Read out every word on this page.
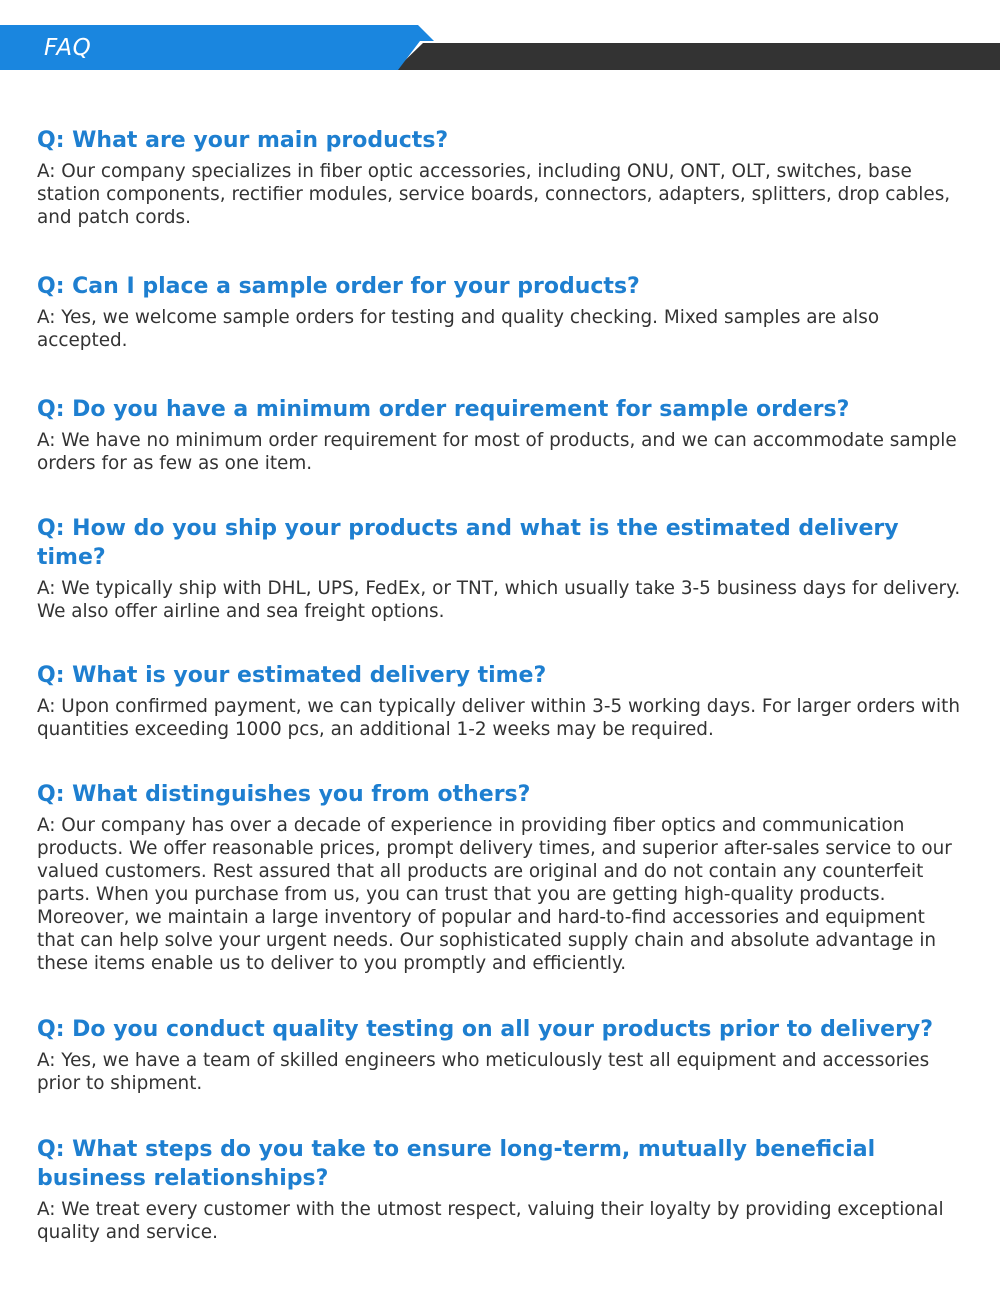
FAQ
Q: What are your main products?
A: Our company specializes in fiber optic accessories, including ONU, ONT, OLT, switches, base station components, rectifier modules, service boards, connectors, adapters, splitters, drop cables, and patch cords.
Q: Can I place a sample order for your products?
A: Yes, we welcome sample orders for testing and quality checking. Mixed samples are also accepted.
Q: Do you have a minimum order requirement for sample orders?
A: We have no minimum order requirement for most of products, and we can accommodate sample orders for as few as one item.
Q: How do you ship your products and what is the estimated delivery time?
A: We typically ship with DHL, UPS, FedEx, or TNT, which usually take 3-5 business days for delivery. We also offer airline and sea freight options.
Q: What is your estimated delivery time?
A: Upon confirmed payment, we can typically deliver within 3-5 working days. For larger orders with quantities exceeding 1000 pcs, an additional 1-2 weeks may be required.
Q: What distinguishes you from others?
A: Our company has over a decade of experience in providing fiber optics and communication products. We offer reasonable prices, prompt delivery times, and superior after-sales service to our valued customers. Rest assured that all products are original and do not contain any counterfeit parts. When you purchase from us, you can trust that you are getting high-quality products. Moreover, we maintain a large inventory of popular and hard-to-find accessories and equipment that can help solve your urgent needs. Our sophisticated supply chain and absolute advantage in these items enable us to deliver to you promptly and efficiently.
Q: Do you conduct quality testing on all your products prior to delivery?
A: Yes, we have a team of skilled engineers who meticulously test all equipment and accessories prior to shipment.
Q: What steps do you take to ensure long-term, mutually beneficial business relationships?
A: We treat every customer with the utmost respect, valuing their loyalty by providing exceptional quality and service.
